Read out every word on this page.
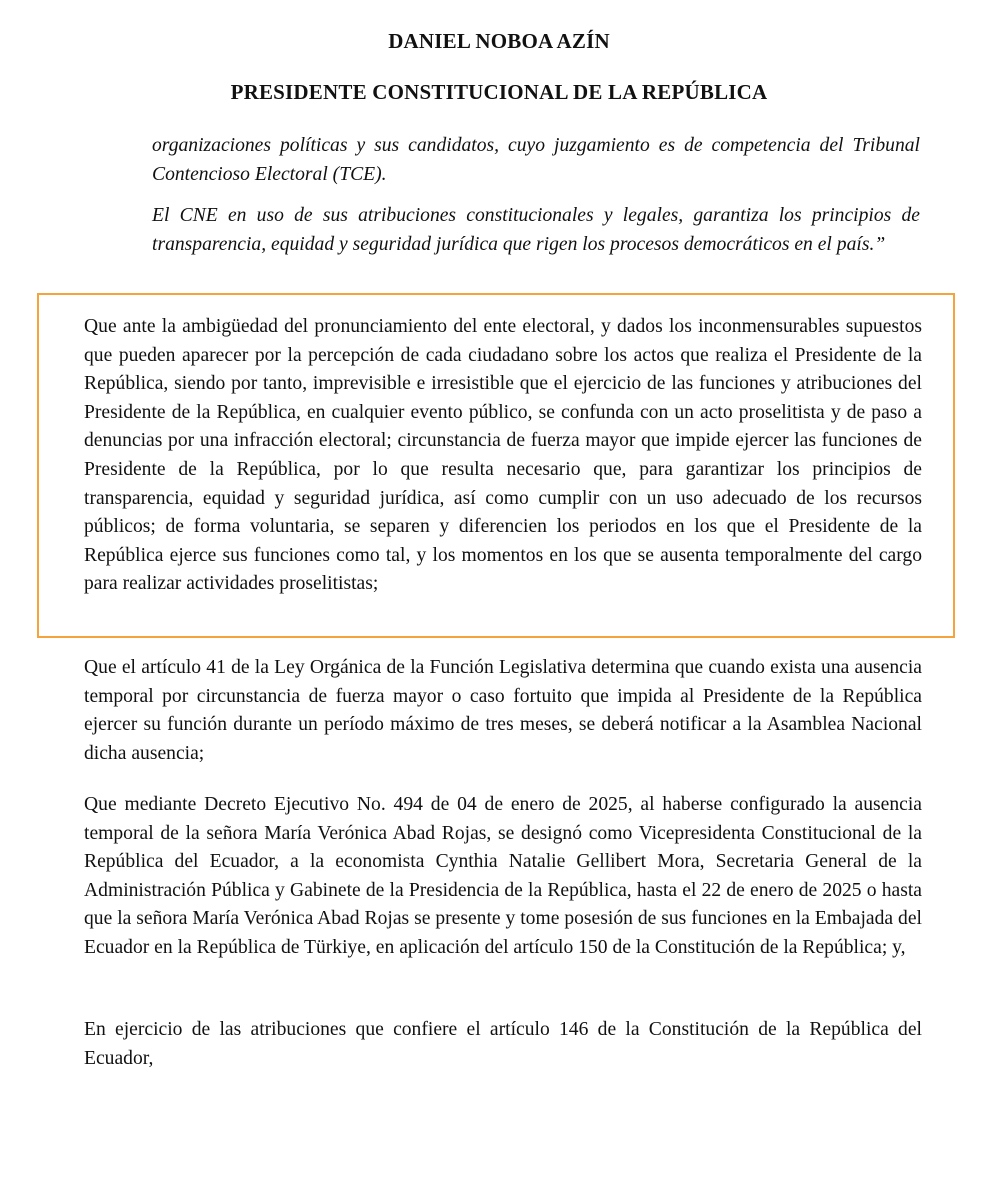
DANIEL NOBOA AZÍN
PRESIDENTE CONSTITUCIONAL DE LA REPÚBLICA

organizaciones políticas y sus candidatos, cuyo juzgamiento es de competencia del Tribunal Contencioso Electoral (TCE).

El CNE en uso de sus atribuciones constitucionales y legales, garantiza los principios de transparencia, equidad y seguridad jurídica que rigen los procesos democráticos en el país.”

Que ante la ambigüedad del pronunciamiento del ente electoral, y dados los inconmensurables supuestos que pueden aparecer por la percepción de cada ciudadano sobre los actos que realiza el Presidente de la República, siendo por tanto, imprevisible e irresistible que el ejercicio de las funciones y atribuciones del Presidente de la República, en cualquier evento público, se confunda con un acto proselitista y de paso a denuncias por una infracción electoral; circunstancia de fuerza mayor que impide ejercer las funciones de Presidente de la República, por lo que resulta necesario que, para garantizar los principios de transparencia, equidad y seguridad jurídica, así como cumplir con un uso adecuado de los recursos públicos; de forma voluntaria, se separen y diferencien los periodos en los que el Presidente de la República ejerce sus funciones como tal, y los momentos en los que se ausenta temporalmente del cargo para realizar actividades proselitistas;

Que el artículo 41 de la Ley Orgánica de la Función Legislativa determina que cuando exista una ausencia temporal por circunstancia de fuerza mayor o caso fortuito que impida al Presidente de la República ejercer su función durante un período máximo de tres meses, se deberá notificar a la Asamblea Nacional dicha ausencia;

Que mediante Decreto Ejecutivo No. 494 de 04 de enero de 2025, al haberse configurado la ausencia temporal de la señora María Verónica Abad Rojas, se designó como Vicepresidenta Constitucional de la República del Ecuador, a la economista Cynthia Natalie Gellibert Mora, Secretaria General de la Administración Pública y Gabinete de la Presidencia de la República, hasta el 22 de enero de 2025 o hasta que la señora María Verónica Abad Rojas se presente y tome posesión de sus funciones en la Embajada del Ecuador en la República de Türkiye, en aplicación del artículo 150 de la Constitución de la República; y,

En ejercicio de las atribuciones que confiere el artículo 146 de la Constitución de la República del Ecuador,
